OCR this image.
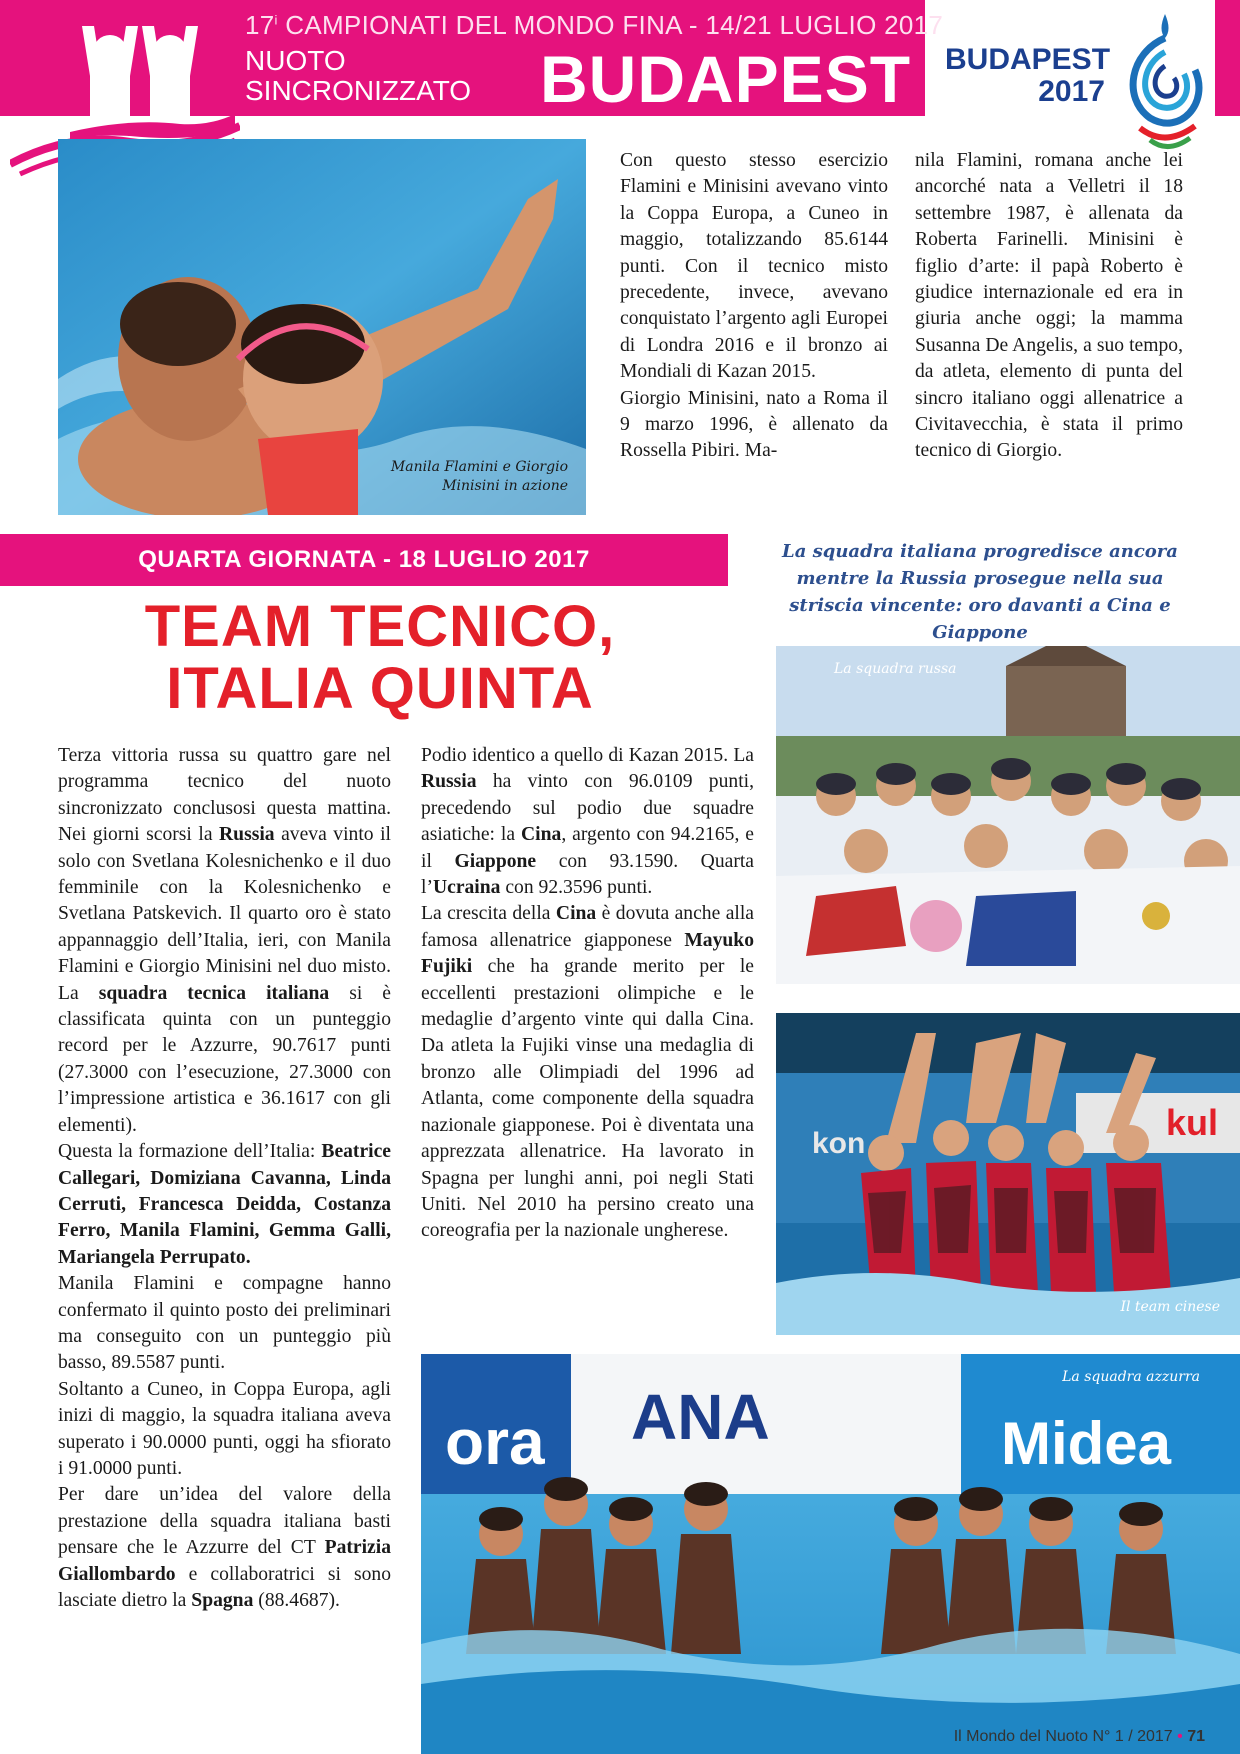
17$^i$ CAMPIONATI DEL MONDO FINA - 14/21 LUGLIO 2017
NUOTO
SINCRONIZZATO BUDAPEST BUDAPEST
2017
Manila Flamini e Giorgio
Minisini in azione

Con questo stesso esercizio Flamini e Minisini avevano vinto la Coppa Europa, a Cuneo in maggio, totalizzando 85.6144 punti. Con il tecnico misto precedente, invece, avevano conquistato l’argento agli Europei di Londra 2016 e il bronzo ai Mondiali di Kazan 2015.

Giorgio Minisini, nato a Roma il 9 marzo 1996, è allenato da Rossella Pibiri. Ma-

nila Flamini, romana anche lei ancorché nata a Velletri il 18 settembre 1987, è allenata da Roberta Farinelli. Minisini è figlio d’arte: il papà Roberto è giudice internazionale ed era in giuria anche oggi; la mamma Susanna De Angelis, a suo tempo, da atleta, elemento di punta del sincro italiano oggi allenatrice a Civitavecchia, è stata il primo tecnico di Giorgio.

QUARTA GIORNATA - 18 LUGLIO 2017
TEAM TECNICO,
ITALIA QUINTA
La squadra italiana progredisce ancora mentre la Russia prosegue nella sua striscia vincente: oro davanti a Cina e Giappone

Terza vittoria russa su quattro gare nel programma tecnico del nuoto sincronizzato conclusosi questa mattina. Nei giorni scorsi la Russia aveva vinto il solo con Svetlana Kolesnichenko e il duo femminile con la Kolesnichenko e Svetlana Patskevich. Il quarto oro è stato appannaggio dell’Italia, ieri, con Manila Flamini e Giorgio Minisini nel duo misto. La squadra tecnica italiana si è classificata quinta con un punteggio record per le Azzurre, 90.7617 punti (27.3000 con l’esecuzione, 27.3000 con l’impressione artistica e 36.1617 con gli elementi).

Questa la formazione dell’Italia: Beatrice Callegari, Domiziana Cavanna, Linda Cerruti, Francesca Deidda, Costanza Ferro, Manila Flamini, Gemma Galli, Mariangela Perrupato.

Manila Flamini e compagne hanno confermato il quinto posto dei preliminari ma conseguito con un punteggio più basso, 89.5587 punti.

Soltanto a Cuneo, in Coppa Europa, agli inizi di maggio, la squadra italiana aveva superato i 90.0000 punti, oggi ha sfiorato i 91.0000 punti.

Per dare un’idea del valore della prestazione della squadra italiana basti pensare che le Azzurre del CT Patrizia Giallombardo e collaboratrici si sono lasciate dietro la Spagna (88.4687).

Podio identico a quello di Kazan 2015. La Russia ha vinto con 96.0109 punti, precedendo sul podio due squadre asiatiche: la Cina, argento con 94.2165, e il Giappone con 93.1590. Quarta l’Ucraina con 92.3596 punti.

La crescita della Cina è dovuta anche alla famosa allenatrice giapponese Mayuko Fujiki che ha grande merito per le eccellenti prestazioni olimpiche e le medaglie d’argento vinte qui dalla Cina. Da atleta la Fujiki vinse una medaglia di bronzo alle Olimpiadi del 1996 ad Atlanta, come componente della squadra nazionale giapponese. Poi è diventata una apprezzata allenatrice. Ha lavorato in Spagna per lunghi anni, poi negli Stati Uniti. Nel 2010 ha persino creato una coreografia per la nazionale ungherese.

La squadra russa
kon
kul
Il team cinese
ora ANA	Midea
La squadra azzurra
Il Mondo del Nuoto N° 1 / 2017 • 71
